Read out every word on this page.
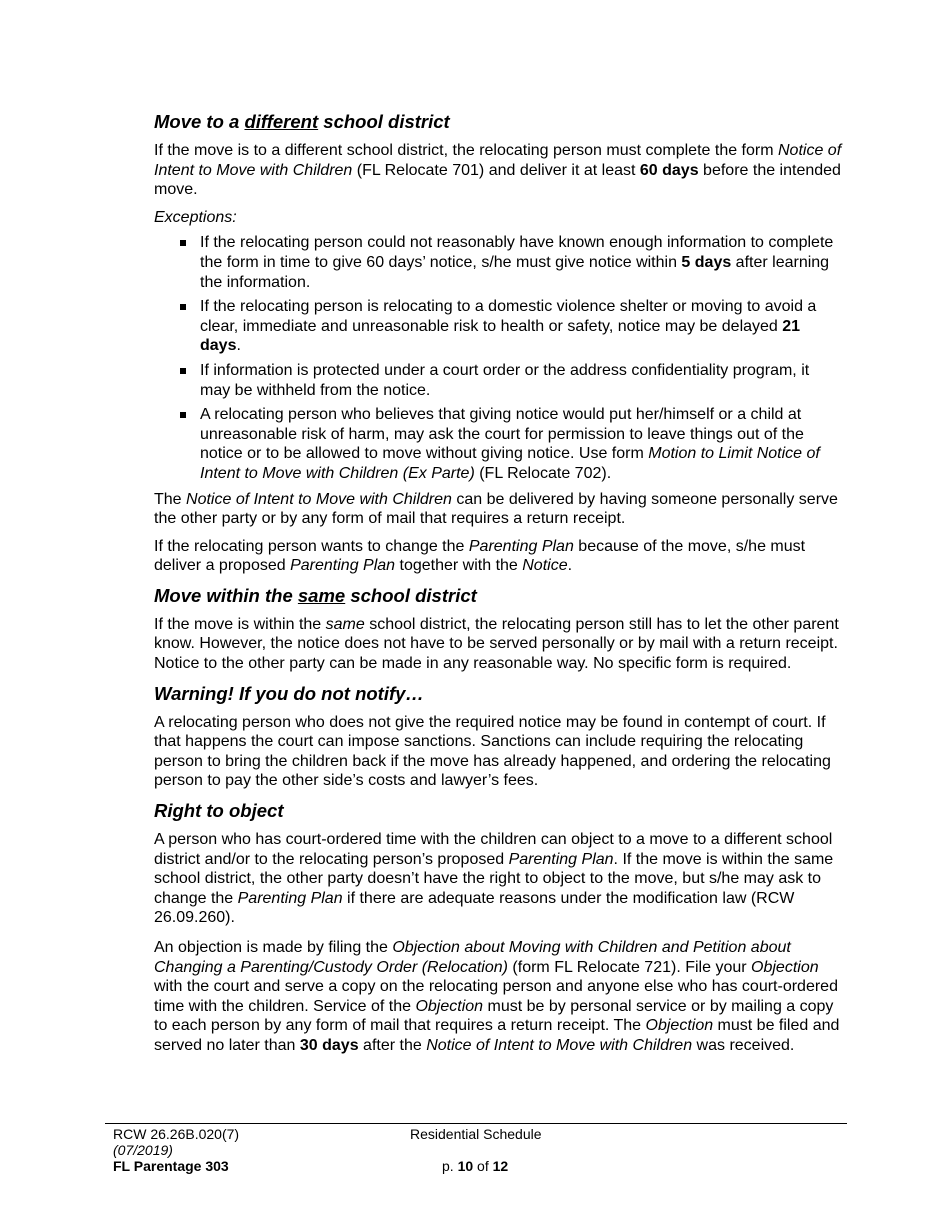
Move to a different school district

If the move is to a different school district, the relocating person must complete the form Notice of Intent to Move with Children (FL Relocate 701) and deliver it at least 60 days before the intended move.

Exceptions:

If the relocating person could not reasonably have known enough information to complete the form in time to give 60 days’ notice, s/he must give notice within 5 days after learning the information.
If the relocating person is relocating to a domestic violence shelter or moving to avoid a clear, immediate and unreasonable risk to health or safety, notice may be delayed 21 days.
If information is protected under a court order or the address confidentiality program, it may be withheld from the notice.
A relocating person who believes that giving notice would put her/himself or a child at unreasonable risk of harm, may ask the court for permission to leave things out of the notice or to be allowed to move without giving notice. Use form Motion to Limit Notice of Intent to Move with Children (Ex Parte) (FL Relocate 702).

The Notice of Intent to Move with Children can be delivered by having someone personally serve the other party or by any form of mail that requires a return receipt.

If the relocating person wants to change the Parenting Plan because of the move, s/he must deliver a proposed Parenting Plan together with the Notice.

Move within the same school district

If the move is within the same school district, the relocating person still has to let the other parent know. However, the notice does not have to be served personally or by mail with a return receipt. Notice to the other party can be made in any reasonable way. No specific form is required.

Warning! If you do not notify…

A relocating person who does not give the required notice may be found in contempt of court. If that happens the court can impose sanctions. Sanctions can include requiring the relocating person to bring the children back if the move has already happened, and ordering the relocating person to pay the other side’s costs and lawyer’s fees.

Right to object

A person who has court-ordered time with the children can object to a move to a different school district and/or to the relocating person’s proposed Parenting Plan. If the move is within the same school district, the other party doesn’t have the right to object to the move, but s/he may ask to change the Parenting Plan if there are adequate reasons under the modification law (RCW 26.09.260).

An objection is made by filing the Objection about Moving with Children and Petition about Changing a Parenting/Custody Order (Relocation) (form FL Relocate 721). File your Objection with the court and serve a copy on the relocating person and anyone else who has court-ordered time with the children. Service of the Objection must be by personal service or by mailing a copy to each person by any form of mail that requires a return receipt. The Objection must be filed and served no later than 30 days after the Notice of Intent to Move with Children was received.

RCW 26.26B.020(7)
(07/2019)
FL Parentage 303
Residential Schedule
p. 10 of 12
